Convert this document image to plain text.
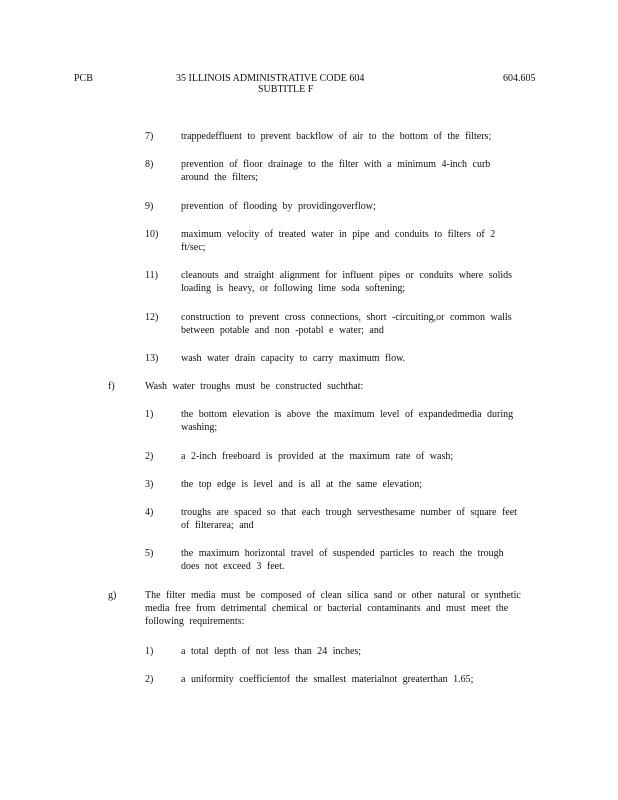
PCB	35 ILLINOIS ADMINISTRATIVE CODE 604
SUBTITLE F
604.605
7)	trappedeffluent to prevent backflow of air to the bottom of the filters;
8)	prevention of floor drainage to the filter with a minimum 4-inch curb around the filters;
9)	prevention of flooding by providingoverflow;
10)	maximum velocity of treated water in pipe and conduits to filters of 2 ft/sec;
11)	cleanouts and straight alignment for influent pipes or conduits where solids loading is heavy, or following lime soda softening;
12)	construction to prevent cross connections, short -circuiting,or common walls between potable and non -potabl e water; and
13)	wash water drain capacity to carry maximum flow.
f)	Wash water troughs must be constructed suchthat:
1)	the bottom elevation is above the maximum level of expandedmedia during washing;
2)	a 2-inch freeboard is provided at the maximum rate of wash;
3)	the top edge is level and is all at the same elevation;
4)	troughs are spaced so that each trough servesthesame number of square feet of filterarea; and
5)	the maximum horizontal travel of suspended particles to reach the trough does not exceed 3 feet.
g)	The filter media must be composed of clean silica sand or other natural or synthetic media free from detrimental chemical or bacterial contaminants and must meet the following requirements:
1)	a total depth of not less than 24 inches;
2)	a uniformity coefficientof the smallest materialnot greaterthan 1.65;
